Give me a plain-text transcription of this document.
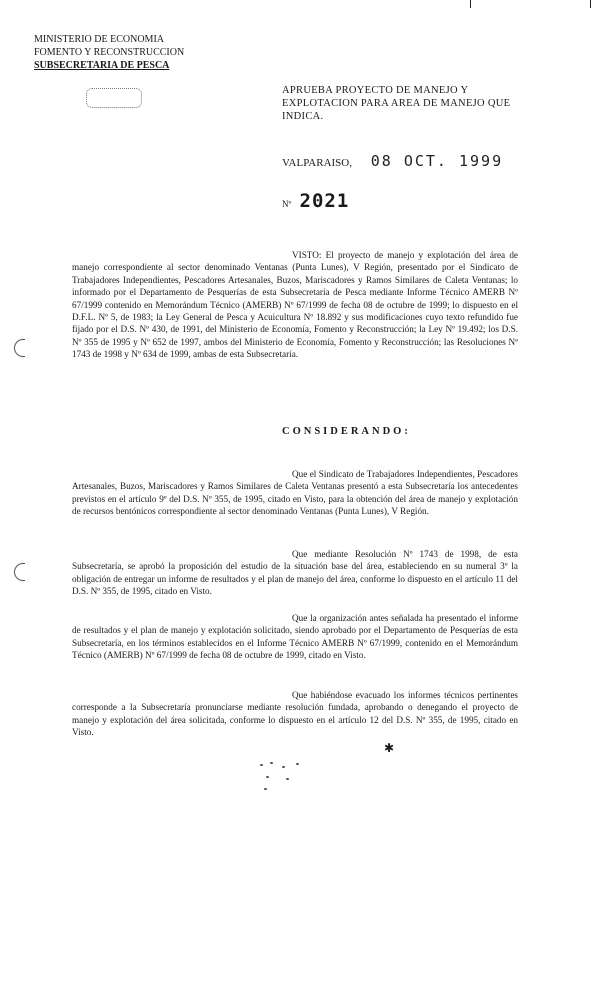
MINISTERIO DE ECONOMIA
FOMENTO Y RECONSTRUCCION
SUBSECRETARIA DE PESCA
APRUEBA PROYECTO DE MANEJO Y EXPLOTACION PARA AREA DE MANEJO QUE INDICA.
VALPARAISO, 08 OCT. 1999
Nº 2021
VISTO: El proyecto de manejo y explotación del área de manejo correspondiente al sector denominado Ventanas (Punta Lunes), V Región, presentado por el Sindicato de Trabajadores Independientes, Pescadores Artesanales, Buzos, Mariscadores y Ramos Similares de Caleta Ventanas; lo informado por el Departamento de Pesquerías de esta Subsecretaría de Pesca mediante Informe Técnico AMERB Nº 67/1999 contenido en Memorándum Técnico (AMERB) Nº 67/1999 de fecha 08 de octubre de 1999; lo dispuesto en el D.F.L. Nº 5, de 1983; la Ley General de Pesca y Acuicultura Nº 18.892 y sus modificaciones cuyo texto refundido fue fijado por el D.S. Nº 430, de 1991, del Ministerio de Economía, Fomento y Reconstrucción; la Ley Nº 19.492; los D.S. Nº 355 de 1995 y Nº 652 de 1997, ambos del Ministerio de Economía, Fomento y Reconstrucción; las Resoluciones Nº 1743 de 1998 y Nº 634 de 1999, ambas de esta Subsecretaría.
CONSIDERANDO:
Que el Sindicato de Trabajadores Independientes, Pescadores Artesanales, Buzos, Mariscadores y Ramos Similares de Caleta Ventanas presentó a esta Subsecretaría los antecedentes previstos en el artículo 9º del D.S. Nº 355, de 1995, citado en Visto, para la obtención del área de manejo y explotación de recursos bentónicos correspondiente al sector denominado Ventanas (Punta Lunes), V Región.
Que mediante Resolución Nº 1743 de 1998, de esta Subsecretaría, se aprobó la proposición del estudio de la situación base del área, estableciendo en su numeral 3º la obligación de entregar un informe de resultados y el plan de manejo del área, conforme lo dispuesto en el artículo 11 del D.S. Nº 355, de 1995, citado en Visto.
Que la organización antes señalada ha presentado el informe de resultados y el plan de manejo y explotación solicitado, siendo aprobado por el Departamento de Pesquerías de esta Subsecretaría, en los términos establecidos en el Informe Técnico AMERB Nº 67/1999, contenido en el Memorándum Técnico (AMERB) Nº 67/1999 de fecha 08 de octubre de 1999, citado en Visto.
Que habiéndose evacuado los informes técnicos pertinentes corresponde a la Subsecretaría pronunciarse mediante resolución fundada, aprobando o denegando el proyecto de manejo y explotación del área solicitada, conforme lo dispuesto en el artículo 12 del D.S. Nº 355, de 1995, citado en Visto.
✱
